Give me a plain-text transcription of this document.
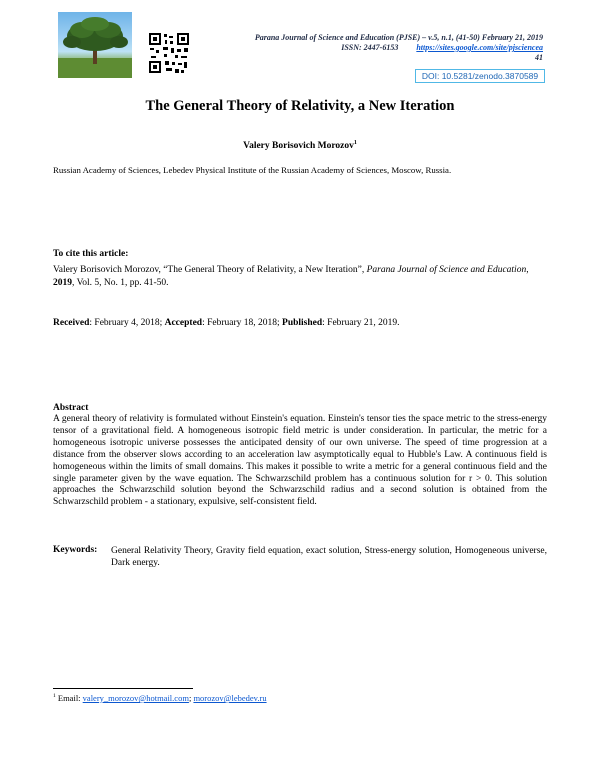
Parana Journal of Science and Education (PJSE) – v.5, n.1, (41-50) February 21, 2019
ISSN: 2447-6153 https://sites.google.com/site/pjsciencea
41
DOI: 10.5281/zenodo.3870589
The General Theory of Relativity, a New Iteration
Valery Borisovich Morozov$^1$
Russian Academy of Sciences, Lebedev Physical Institute of the Russian Academy of Sciences, Moscow, Russia.
To cite this article:
Valery Borisovich Morozov, “The General Theory of Relativity, a New Iteration”, Parana Journal of Science and Education, 2019, Vol. 5, No. 1, pp. 41-50.
Received: February 4, 2018; Accepted: February 18, 2018; Published: February 21, 2019.
Abstract
A general theory of relativity is formulated without Einstein's equation. Einstein's tensor ties the space metric to the stress-energy tensor of a gravitational field. A homogeneous isotropic field metric is under consideration. In particular, the metric for a homogeneous isotropic universe possesses the anticipated density of our own universe. The speed of time progression at a distance from the observer slows according to an acceleration law asymptotically equal to Hubble's Law. A continuous field is homogeneous within the limits of small domains. This makes it possible to write a metric for a general continuous field and the single parameter given by the wave equation. The Schwarzschild problem has a continuous solution for r > 0. This solution approaches the Schwarzschild solution beyond the Schwarzschild radius and a second solution is obtained from the Schwarzschild problem - a stationary, expulsive, self-consistent field.
Keywords: General Relativity Theory, Gravity field equation, exact solution, Stress-energy solution, Homogeneous universe, Dark energy.
$^1$ Email: valery_morozov@hotmail.com; morozov@lebedev.ru
